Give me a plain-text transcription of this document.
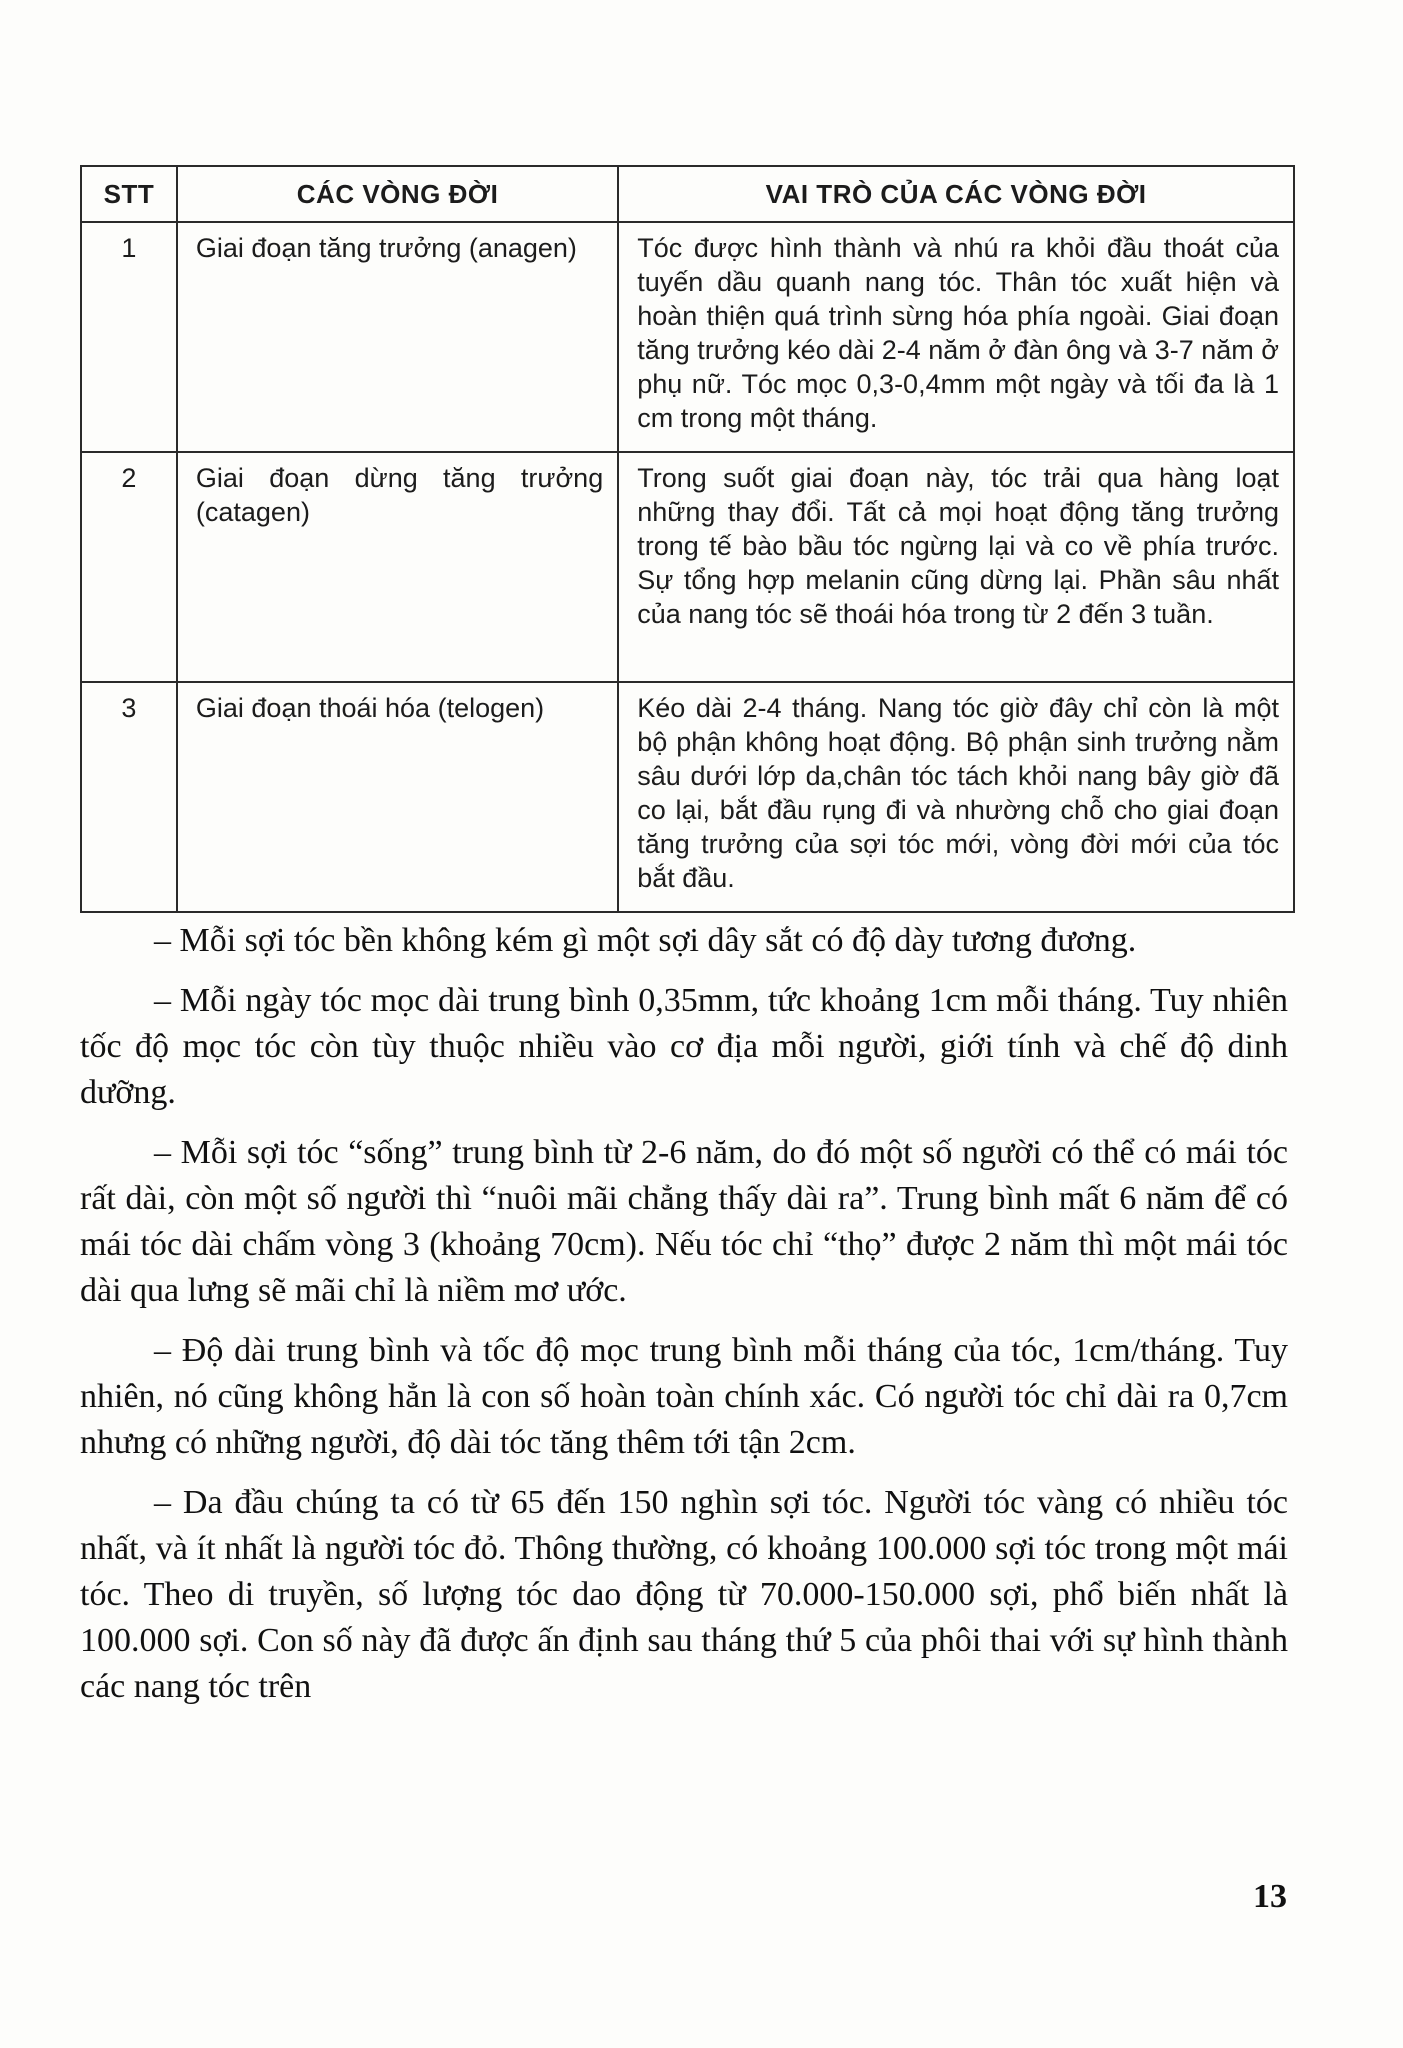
STT	CÁC VÒNG ĐỜI	VAI TRÒ CỦA CÁC VÒNG ĐỜI
1	Giai đoạn tăng trưởng (anagen)	Tóc được hình thành và nhú ra khỏi đầu thoát của tuyến dầu quanh nang tóc. Thân tóc xuất hiện và hoàn thiện quá trình sừng hóa phía ngoài. Giai đoạn tăng trưởng kéo dài 2-4 năm ở đàn ông và 3-7 năm ở phụ nữ. Tóc mọc 0,3-0,4mm một ngày và tối đa là 1 cm trong một tháng.
2	Giai đoạn dừng tăng trưởng (catagen)	Trong suốt giai đoạn này, tóc trải qua hàng loạt những thay đổi. Tất cả mọi hoạt động tăng trưởng trong tế bào bầu tóc ngừng lại và co về phía trước. Sự tổng hợp melanin cũng dừng lại. Phần sâu nhất của nang tóc sẽ thoái hóa trong từ 2 đến 3 tuần.
3	Giai đoạn thoái hóa (telogen)	Kéo dài 2-4 tháng. Nang tóc giờ đây chỉ còn là một bộ phận không hoạt động. Bộ phận sinh trưởng nằm sâu dưới lớp da,chân tóc tách khỏi nang bây giờ đã co lại, bắt đầu rụng đi và nhường chỗ cho giai đoạn tăng trưởng của sợi tóc mới, vòng đời mới của tóc bắt đầu.

– Mỗi sợi tóc bền không kém gì một sợi dây sắt có độ dày tương đương.

– Mỗi ngày tóc mọc dài trung bình 0,35mm, tức khoảng 1cm mỗi tháng. Tuy nhiên tốc độ mọc tóc còn tùy thuộc nhiều vào cơ địa mỗi người, giới tính và chế độ dinh dưỡng.

– Mỗi sợi tóc “sống” trung bình từ 2-6 năm, do đó một số người có thể có mái tóc rất dài, còn một số người thì “nuôi mãi chẳng thấy dài ra”. Trung bình mất 6 năm để có mái tóc dài chấm vòng 3 (khoảng 70cm). Nếu tóc chỉ “thọ” được 2 năm thì một mái tóc dài qua lưng sẽ mãi chỉ là niềm mơ ước.

– Độ dài trung bình và tốc độ mọc trung bình mỗi tháng của tóc, 1cm/tháng. Tuy nhiên, nó cũng không hẳn là con số hoàn toàn chính xác. Có người tóc chỉ dài ra 0,7cm nhưng có những người, độ dài tóc tăng thêm tới tận 2cm.

– Da đầu chúng ta có từ 65 đến 150 nghìn sợi tóc. Người tóc vàng có nhiều tóc nhất, và ít nhất là người tóc đỏ. Thông thường, có khoảng 100.000 sợi tóc trong một mái tóc. Theo di truyền, số lượng tóc dao động từ 70.000-150.000 sợi, phổ biến nhất là 100.000 sợi. Con số này đã được ấn định sau tháng thứ 5 của phôi thai với sự hình thành các nang tóc trên

13
